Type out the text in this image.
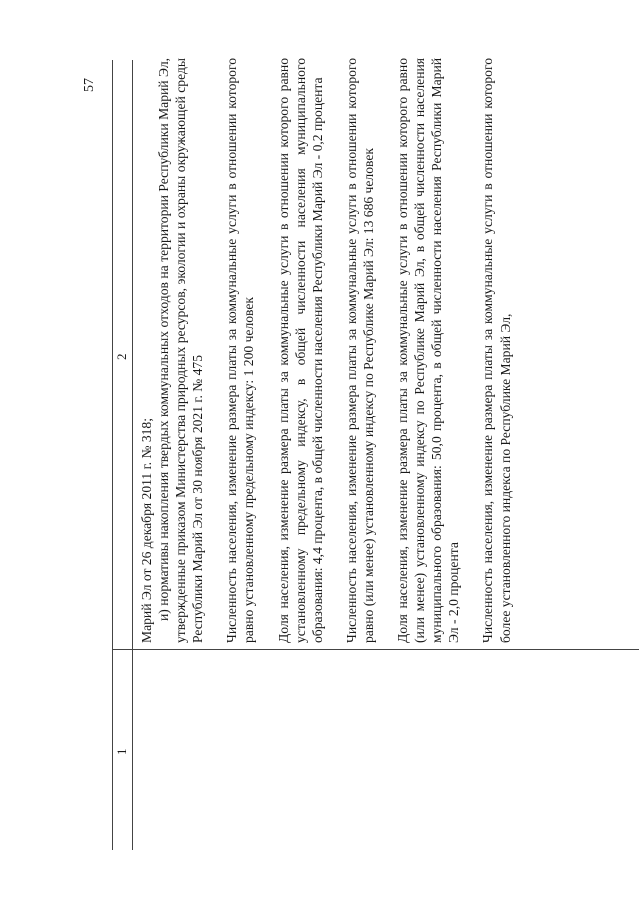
57
1
2

Марий Эл от 26 декабря 2011 г. № 318; и) нормативы накопления твердых коммунальных отходов на территории Республики Марий Эл, утвержденные приказом Министерства природных ресурсов, экологии и охраны окружающей среды Республики Марий Эл от 30 ноября 2021 г. № 475 Численность населения, изменение размера платы за коммунальные услуги в отношении которого равно установленному предельному индексу: 1 200 человек Доля населения, изменение размера платы за коммунальные услуги в отношении которого равно установленному предельному индексу, в общей численности населения муниципального образования: 4,4 процента, в общей численности населения Республики Марий Эл - 0,2 процента Численность населения, изменение размера платы за коммунальные услуги в отношении которого равно (или менее) установленному индексу по Республике Марий Эл: 13 686 человек Доля населения, изменение размера платы за коммунальные услуги в отношении которого равно (или менее) установленному индексу по Республике Марий Эл, в общей численности населения муниципального образования: 50,0 процента, в общей численности населения Республики Марий Эл - 2,0 процента Численность населения, изменение размера платы за коммунальные услуги в отношении которого более установленного индекса по Республике Марий Эл,
